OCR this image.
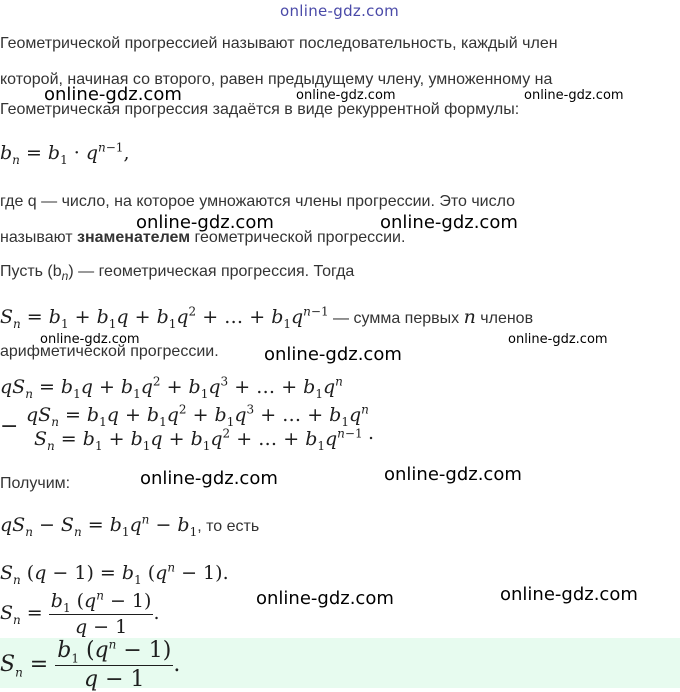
online-gdz.com
online-gdz.com	online-gdz.com	online-gdz.com
online-gdz.com	online-gdz.com
online-gdz.com
online-gdz.com
online-gdz.com
online-gdz.com	online-gdz.com
online-gdz.com	online-gdz.com
Геометрической прогрессией называют последовательность, каждый член
которой, начиная со второго, равен предыдущему члену, умноженному на
Геометрическая прогрессия задаётся в виде рекуррентной формулы:
$b_n = b_1 \cdot q^{n-1}$,
где q — число, на которое умножаются члены прогрессии. Это число
называют знаменателем геометрической прогрессии.
Пусть $(b_n)$ — геометрическая прогрессия. Тогда
$S_n = b_1 + b_1q + b_1q^2$ + … + $b_1q^{n-1}$ — сумма первых n членов
арифметической прогрессии.
$qS_n = b_1q + b_1q^2 + b_1q^3$ + … + $b_1q^n$
− $qS_n = b_1q + b_1q^2 + b_1q^3$ + … + $b_1q^n$
$S_n = b_1 + b_1q + b_1q^2$ + … + $b_1q^{n-1}$ .
Получим:
$qS_n - S_n = b_1q^n - b_1$, то есть
$S_n$ $(q - 1) = b_1$ $(q^n - 1)$.
$S_n = \frac{b_1 (q^n - 1)}{q - 1}$ .
$S_n = \frac{b_1 (q^n - 1)}{q - 1}$ .
